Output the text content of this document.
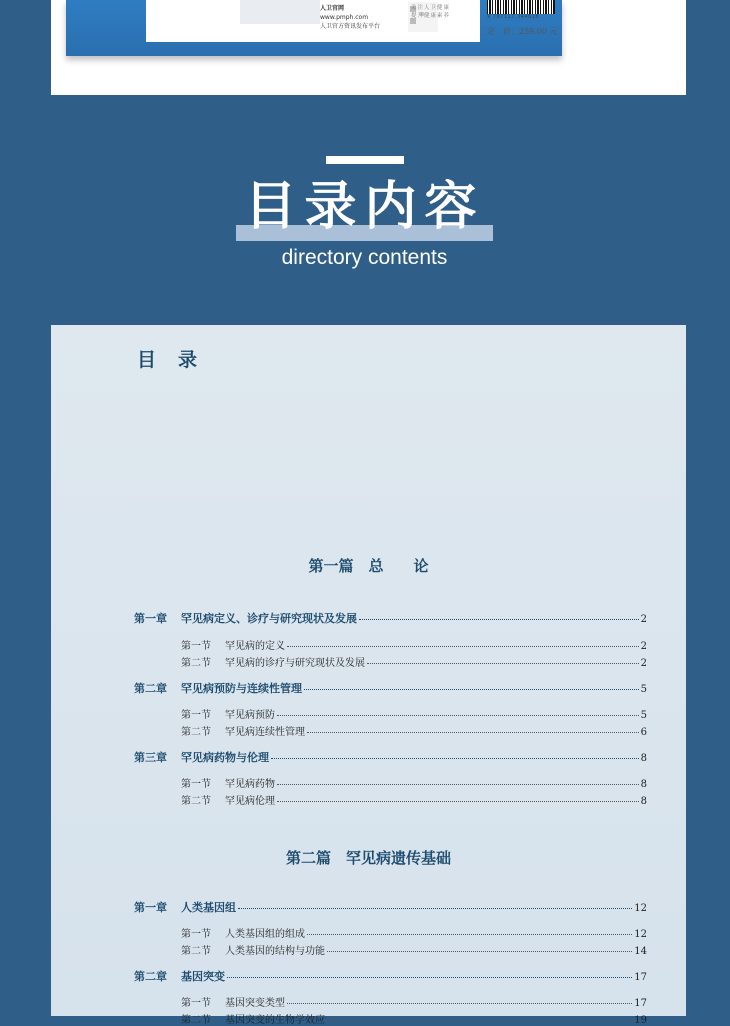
人卫官网
www.pmph.com
人卫官方资讯发布平台
关注人卫健康
提升健康素养	9 787117 344618
定　价：259.00 元
目录内容
directory contents
目录
第一篇　总　　论
第一章	罕见病定义、诊疗与研究现状及发展	2
第一节	罕见病的定义	2
第二节	罕见病的诊疗与研究现状及发展	2
第二章	罕见病预防与连续性管理	5
第一节	罕见病预防	5
第二节	罕见病连续性管理	6
第三章	罕见病药物与伦理	8
第一节	罕见病药物	8
第二节	罕见病伦理	8
第二篇　罕见病遗传基础
第一章	人类基因组	12
第一节	人类基因组的组成	12
第二节	人类基因的结构与功能	14
第二章	基因突变	17
第一节	基因突变类型	17
第二节	基因突变的生物学效应	19
